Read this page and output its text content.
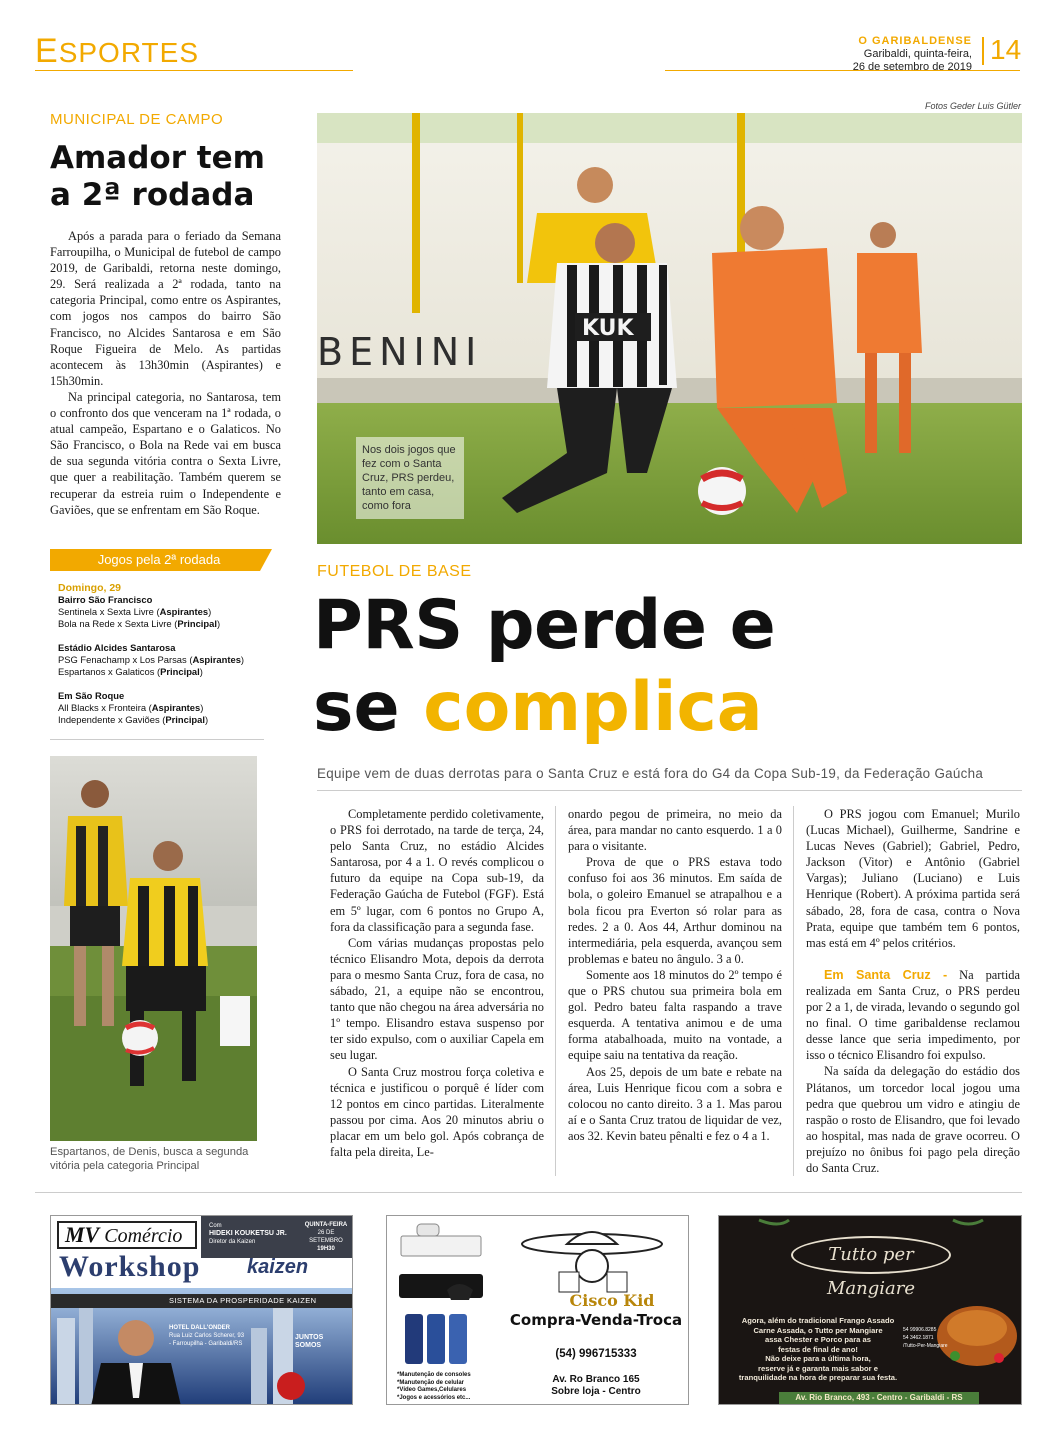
ESPORTES	O GARIBALDENSE
Garibaldi, quinta-feira,
26 de setembro de 2019
14
Fotos Geder Luis Gütler
MUNICIPAL DE CAMPO
Amador tem
a 2ª rodada

Após a parada para o feriado da Semana Farroupilha, o Municipal de futebol de campo 2019, de Garibaldi, retorna neste domingo, 29. Será realizada a 2ª rodada, tanto na categoria Principal, como entre os Aspirantes, com jogos nos campos do bairro São Francisco, no Alcides Santarosa e em São Roque Figueira de Melo. As partidas acontecem às 13h30min (Aspirantes) e 15h30min.

Na principal categoria, no Santarosa, tem o confronto dos que venceram na 1ª rodada, o atual campeão, Espartano e o Galaticos. No São Francisco, o Bola na Rede vai em busca de sua segunda vitória contra o Sexta Livre, que quer a reabilitação. Também querem se recuperar da estreia ruim o Independente e Gaviões, que se enfrentam em São Roque.

Jogos pela 2ª rodada
Domingo, 29
Bairro São Francisco
Sentinela x Sexta Livre (Aspirantes)
Bola na Rede x Sexta Livre (Principal)
Estádio Alcides Santarosa
PSG Fenachamp x Los Parsas (Aspirantes)
Espartanos x Galaticos (Principal)
Em São Roque
All Blacks x Fronteira (Aspirantes)
Independente x Gaviões (Principal)
Espartanos, de Denis, busca a segunda vitória pela categoria Principal
BENINI
KUK
Nos dois jogos que fez com o Santa Cruz, PRS perdeu, tanto em casa, como fora
FUTEBOL DE BASE
PRS perde e
se complica
Equipe vem de duas derrotas para o Santa Cruz e está fora do G4 da Copa Sub-19, da Federação Gaúcha

Completamente perdido coletivamente, o PRS foi derrotado, na tarde de terça, 24, pelo Santa Cruz, no estádio Alcides Santarosa, por 4 a 1. O revés complicou o futuro da equipe na Copa sub-19, da Federação Gaúcha de Futebol (FGF). Está em 5º lugar, com 6 pontos no Grupo A, fora da classificação para a segunda fase.

Com várias mudanças propostas pelo técnico Elisandro Mota, depois da derrota para o mesmo Santa Cruz, fora de casa, no sábado, 21, a equipe não se encontrou, tanto que não chegou na área adversária no 1º tempo. Elisandro estava suspenso por ter sido expulso, com o auxiliar Capela em seu lugar.

O Santa Cruz mostrou força coletiva e técnica e justificou o porquê é líder com 12 pontos em cinco partidas. Literalmente passou por cima. Aos 20 minutos abriu o placar em um belo gol. Após cobrança de falta pela direita, Le-

onardo pegou de primeira, no meio da área, para mandar no canto esquerdo. 1 a 0 para o visitante.

Prova de que o PRS estava todo confuso foi aos 36 minutos. Em saída de bola, o goleiro Emanuel se atrapalhou e a bola ficou pra Everton só rolar para as redes. 2 a 0. Aos 44, Arthur dominou na intermediária, pela esquerda, avançou sem problemas e bateu no ângulo. 3 a 0.

Somente aos 18 minutos do 2º tempo é que o PRS chutou sua primeira bola em gol. Pedro bateu falta raspando a trave esquerda. A tentativa animou e de uma forma atabalhoada, muito na vontade, a equipe saiu na tentativa da reação.

Aos 25, depois de um bate e rebate na área, Luis Henrique ficou com a sobra e colocou no canto direito. 3 a 1. Mas parou aí e o Santa Cruz tratou de liquidar de vez, aos 32. Kevin bateu pênalti e fez o 4 a 1.

O PRS jogou com Emanuel; Murilo (Lucas Michael), Guilherme, Sandrine e Lucas Neves (Gabriel); Gabriel, Pedro, Jackson (Vitor) e Antônio (Gabriel Vargas); Juliano (Luciano) e Luis Henrique (Robert). A próxima partida será sábado, 28, fora de casa, contra o Nova Prata, equipe que também tem 6 pontos, mas está em 4º pelos critérios.

Em Santa Cruz - Na partida realizada em Santa Cruz, o PRS perdeu por 2 a 1, de virada, levando o segundo gol no final. O time garibaldense reclamou desse lance que seria impedimento, por isso o técnico Elisandro foi expulso.

Na saída da delegação do estádio dos Plátanos, um torcedor local jogou uma pedra que quebrou um vidro e atingiu de raspão o rosto de Elisandro, que foi levado ao hospital, mas nada de grave ocorreu. O prejuízo no ônibus foi pago pela direção do Santa Cruz.

MV Comércio	Com
HIDEKI KOUKETSU JR.
Diretor da Kaizen
QUINTA-FEIRA
26 DE SETEMBRO
19H30
Workshop kaizen
SISTEMA DA PROSPERIDADE KAIZEN
HOTEL DALL'ONDER
Rua Luiz Carlos Scherer, 93 - Farroupilha - Garibaldi/RS
JUNTOS
SOMOS
Cisco Kid
Compra-Venda-Troca
(54) 996715333
Av. Ro Branco 165
Sobre loja - Centro
*Manutenção de consoles
*Manutenção de celular
*Vídeo Games,Celulares
*Jogos e acessórios etc...
Tutto per Mangiare
Agora, além do tradicional Frango Assado
Carne Assada, o Tutto per Mangiare
assa Chester e Porco para as
festas de final de ano!
Não deixe para a última hora,
reserve já e garanta mais sabor e
tranquilidade na hora de preparar sua festa.
54 99906.8285
54 3462.1871
/Tutto-Per-Mangiare
Av. Rio Branco, 493 - Centro - Garibaldi - RS
